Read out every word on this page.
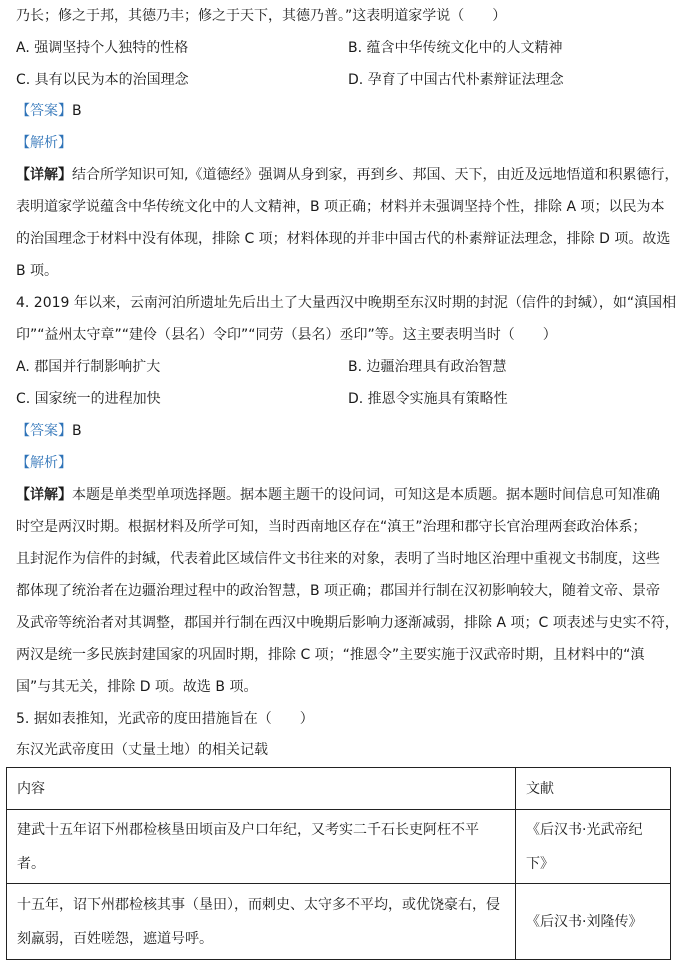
乃长；修之于邦，其德乃丰；修之于天下，其德乃普。”这表明道家学说（　　）
A. 强调坚持个人独特的性格	B. 蕴含中华传统文化中的人文精神
C. 具有以民为本的治国理念	D. 孕育了中国古代朴素辩证法理念
【答案】B
【解析】
【详解】结合所学知识可知,《道德经》强调从身到家，再到乡、邦国、天下，由近及远地悟道和积累德行，
表明道家学说蕴含中华传统文化中的人文精神，B 项正确；材料并未强调坚持个性，排除 A 项；以民为本
的治国理念于材料中没有体现，排除 C 项；材料体现的并非中国古代的朴素辩证法理念，排除 D 项。故选
B 项。
4. 2019 年以来，云南河泊所遗址先后出土了大量西汉中晚期至东汉时期的封泥（信件的封缄），如“滇国相
印”“益州太守章”“建伶（县名）令印”“同劳（县名）丞印”等。这主要表明当时（　　）
A. 郡国并行制影响扩大	B. 边疆治理具有政治智慧
C. 国家统一的进程加快	D. 推恩令实施具有策略性
【答案】B
【解析】
【详解】本题是单类型单项选择题。据本题主题干的设问词，可知这是本质题。据本题时间信息可知准确
时空是两汉时期。根据材料及所学可知，当时西南地区存在“滇王”治理和郡守长官治理两套政治体系；
且封泥作为信件的封缄，代表着此区域信件文书往来的对象，表明了当时地区治理中重视文书制度，这些
都体现了统治者在边疆治理过程中的政治智慧，B 项正确；郡国并行制在汉初影响较大，随着文帝、景帝
及武帝等统治者对其调整，郡国并行制在西汉中晚期后影响力逐渐减弱，排除 A 项；C 项表述与史实不符，
两汉是统一多民族封建国家的巩固时期，排除 C 项；“推恩令”主要实施于汉武帝时期，且材料中的“滇
国”与其无关，排除 D 项。故选 B 项。
5. 据如表推知，光武帝的度田措施旨在（　　）
东汉光武帝度田（丈量土地）的相关记载
内容	文献

建武十五年诏下州郡检核垦田顷亩及户口年纪，又考实二千石长吏阿枉不平者。	《后汉书·光武帝纪
下》

十五年，诏下州郡检核其事（垦田），而刺史、太守多不平均，或优饶豪右，侵
刻羸弱，百姓嗟怨，遮道号呼。	《后汉书·刘隆传》
